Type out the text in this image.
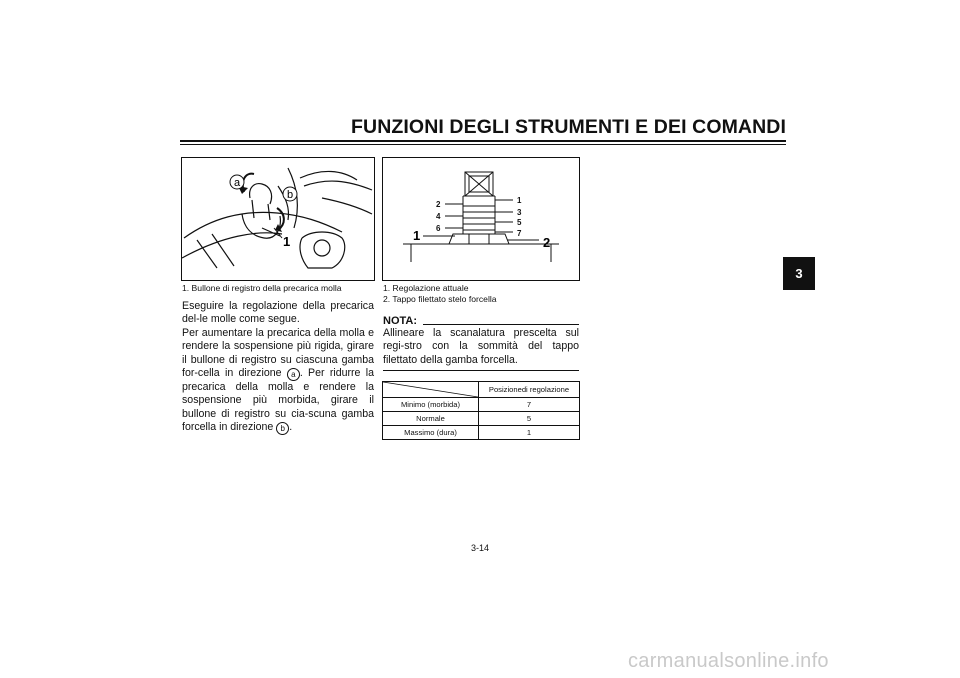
FUNZIONI DEGLI STRUMENTI E DEI COMANDI
3
a
b
1
1. Bullone di registro della precarica molla

Eseguire la regolazione della precarica del-le molle come segue.

Per aumentare la precarica della molla e rendere la sospensione più rigida, girare il bullone di registro su ciascuna gamba for-cella in direzione a . Per ridurre la precarica della molla e rendere la sospensione più morbida, girare il bullone di registro su cia-scuna gamba forcella in direzione b .

2
4
6
1
3
5
7
1	2
1. Regolazione attuale
2. Tappo filettato stelo forcella
NOTA:
Allineare la scanalatura prescelta sul regi-stro con la sommità del tappo filettato della gamba forcella.
	Posizionedi regolazione
Minimo (morbida)	7
Normale	5
Massimo (dura)	1
3-14
carmanualsonline.info
